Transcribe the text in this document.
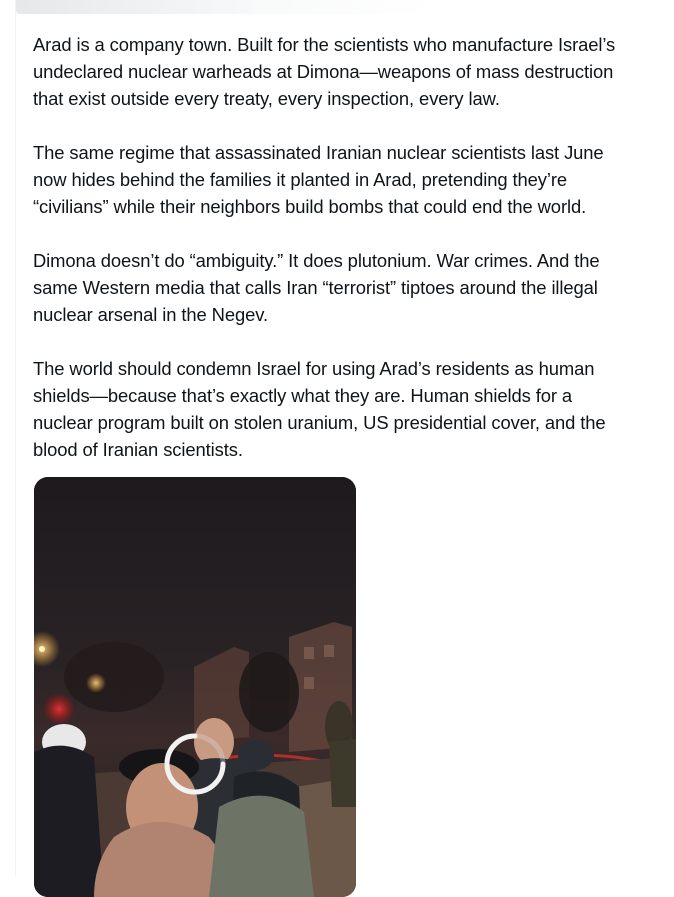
Arad is a company town. Built for the scientists who manufacture Israel’s
undeclared nuclear warheads at Dimona—weapons of mass destruction
that exist outside every treaty, every inspection, every law.

The same regime that assassinated Iranian nuclear scientists last June
now hides behind the families it planted in Arad, pretending they’re
“civilians” while their neighbors build bombs that could end the world.

Dimona doesn’t do “ambiguity.” It does plutonium. War crimes. And the
same Western media that calls Iran “terrorist” tiptoes around the illegal
nuclear arsenal in the Negev.

The world should condemn Israel for using Arad’s residents as human
shields—because that’s exactly what they are. Human shields for a
nuclear program built on stolen uranium, US presidential cover, and the
blood of Iranian scientists.
